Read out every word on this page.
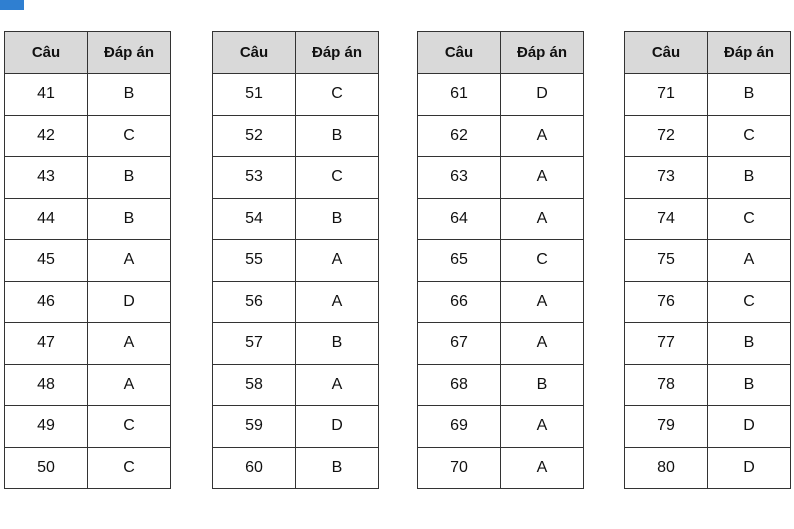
Câu	Đáp án
41	B
42	C
43	B
44	B
45	A
46	D
47	A
48	A
49	C
50	C
Câu	Đáp án
51	C
52	B
53	C
54	B
55	A
56	A
57	B
58	A
59	D
60	B
Câu	Đáp án
61	D
62	A
63	A
64	A
65	C
66	A
67	A
68	B
69	A
70	A
Câu	Đáp án
71	B
72	C
73	B
74	C
75	A
76	C
77	B
78	B
79	D
80	D
